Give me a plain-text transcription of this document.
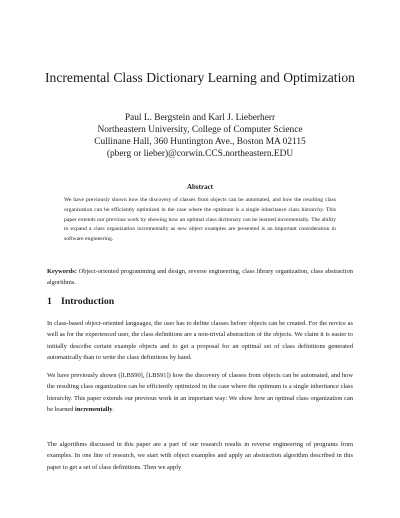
Incremental Class Dictionary Learning and Optimization
Paul L. Bergstein and Karl J. Lieberherr
Northeastern University, College of Computer Science
Cullinane Hall, 360 Huntington Ave., Boston MA 02115
(pberg or lieber)@corwin.CCS.northeastern.EDU
Abstract
We have previously shown how the discovery of classes from objects can be automated, and how the resulting class organization can be efficiently optimized in the case where the optimum is a single inheritance class hierarchy. This paper extends our previous work by showing how an optimal class dictionary can be learned incrementally. The ability to expand a class organization incrementally as new object examples are presented is an important consideration in software engineering.
Keywords: Object-oriented programming and design, reverse engineering, class library organization, class abstraction algorithms.
1 Introduction

In class-based object-oriented languages, the user has to define classes before objects can be created. For the novice as well as for the experienced user, the class definitions are a non-trivial abstraction of the objects. We claim it is easier to initially describe certain example objects and to get a proposal for an optimal set of class definitions generated automatically than to write the class definitions by hand.

We have previously shown ([LBS90], [LBS91]) how the discovery of classes from objects can be automated, and how the resulting class organization can be efficiently optimized in the case where the optimum is a single inheritance class hierarchy. This paper extends our previous work in an important way: We show how an optimal class organization can be learned incrementally.

The algorithms discussed in this paper are a part of our research results in reverse engineering of programs from examples. In one line of research, we start with object examples and apply an abstraction algorithm described in this paper to get a set of class definitions. Then we apply
